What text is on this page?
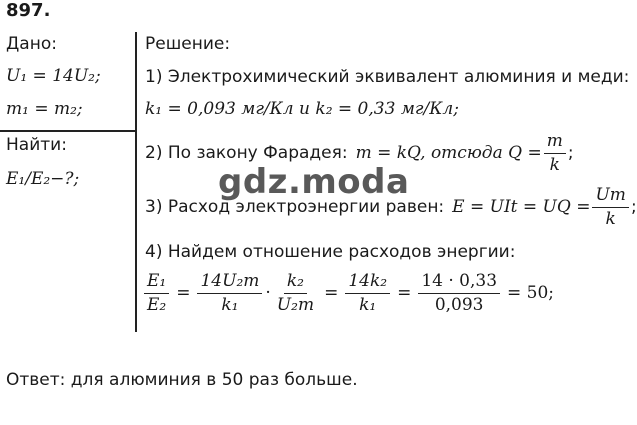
897.
Дано:
U₁ = 14U₂;
m₁ = m₂;
Найти:
E₁/E₂−?;
Решение:
1) Электрохимический эквивалент алюминия и меди:
k₁ = 0,093 мг/Кл и k₂ = 0,33 мг/Кл;
2) По закону Фарадея: m = kQ, отсюда $Q = \frac{m}{k}$ ;
3) Расход электроэнергии равен: E = UIt = UQ = $\frac{Um}{k}$ ;
4) Найдем отношение расходов энергии:
$\frac{\text{E₁}}{\text{E₂}} = \frac{\text{14U₂m}}{\text{k₁}} \cdot \frac{\text{k₂}}{\text{U₂m}} = \frac{\text{14k₂}}{\text{k₁}} = \frac{14 \cdot 0,33}{0,093} = 50$;
gdz.moda
Ответ: для алюминия в 50 раз больше.
